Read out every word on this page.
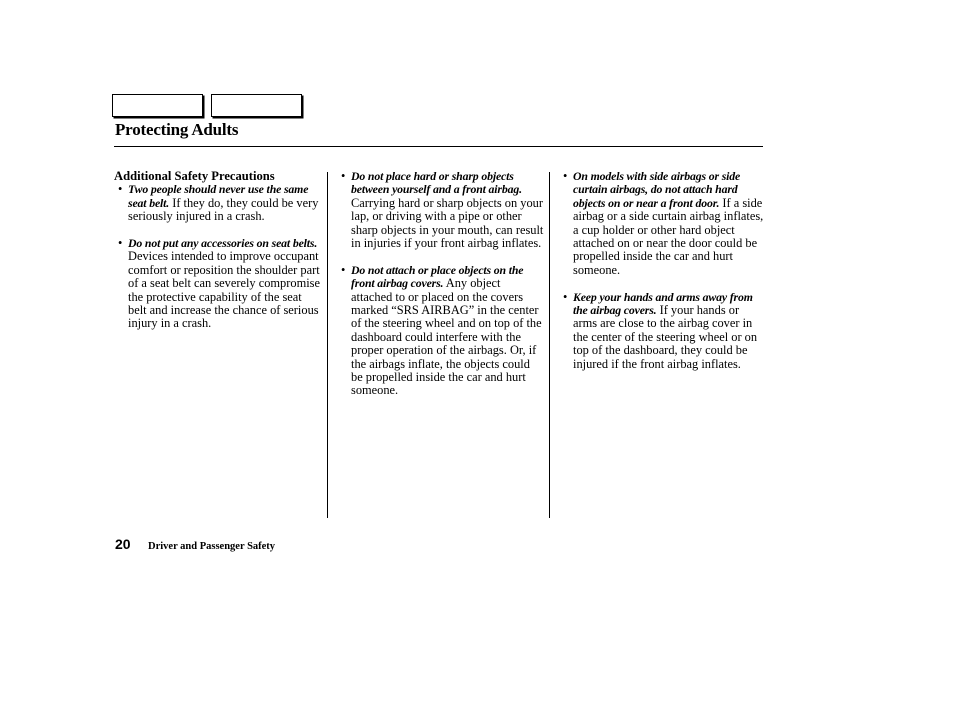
Protecting Adults

Additional Safety Precautions

• Two people should never use the same seat belt. If they do, they could be very seriously injured in a crash.

• Do not put any accessories on seat belts. Devices intended to improve occupant comfort or reposition the shoulder part of a seat belt can severely compromise the protective capability of the seat belt and increase the chance of serious injury in a crash.

• Do not place hard or sharp objects between yourself and a front airbag. Carrying hard or sharp objects on your lap, or driving with a pipe or other sharp objects in your mouth, can result in injuries if your front airbag inflates.

• Do not attach or place objects on the front airbag covers. Any object attached to or placed on the covers marked “SRS AIRBAG” in the center of the steering wheel and on top of the dashboard could interfere with the proper operation of the airbags. Or, if the airbags inflate, the objects could be propelled inside the car and hurt someone.

• On models with side airbags or side curtain airbags, do not attach hard objects on or near a front door. If a side airbag or a side curtain airbag inflates, a cup holder or other hard object attached on or near the door could be propelled inside the car and hurt someone.

• Keep your hands and arms away from the airbag covers. If your hands or arms are close to the airbag cover in the center of the steering wheel or on top of the dashboard, they could be injured if the front airbag inflates.

20 Driver and Passenger Safety
